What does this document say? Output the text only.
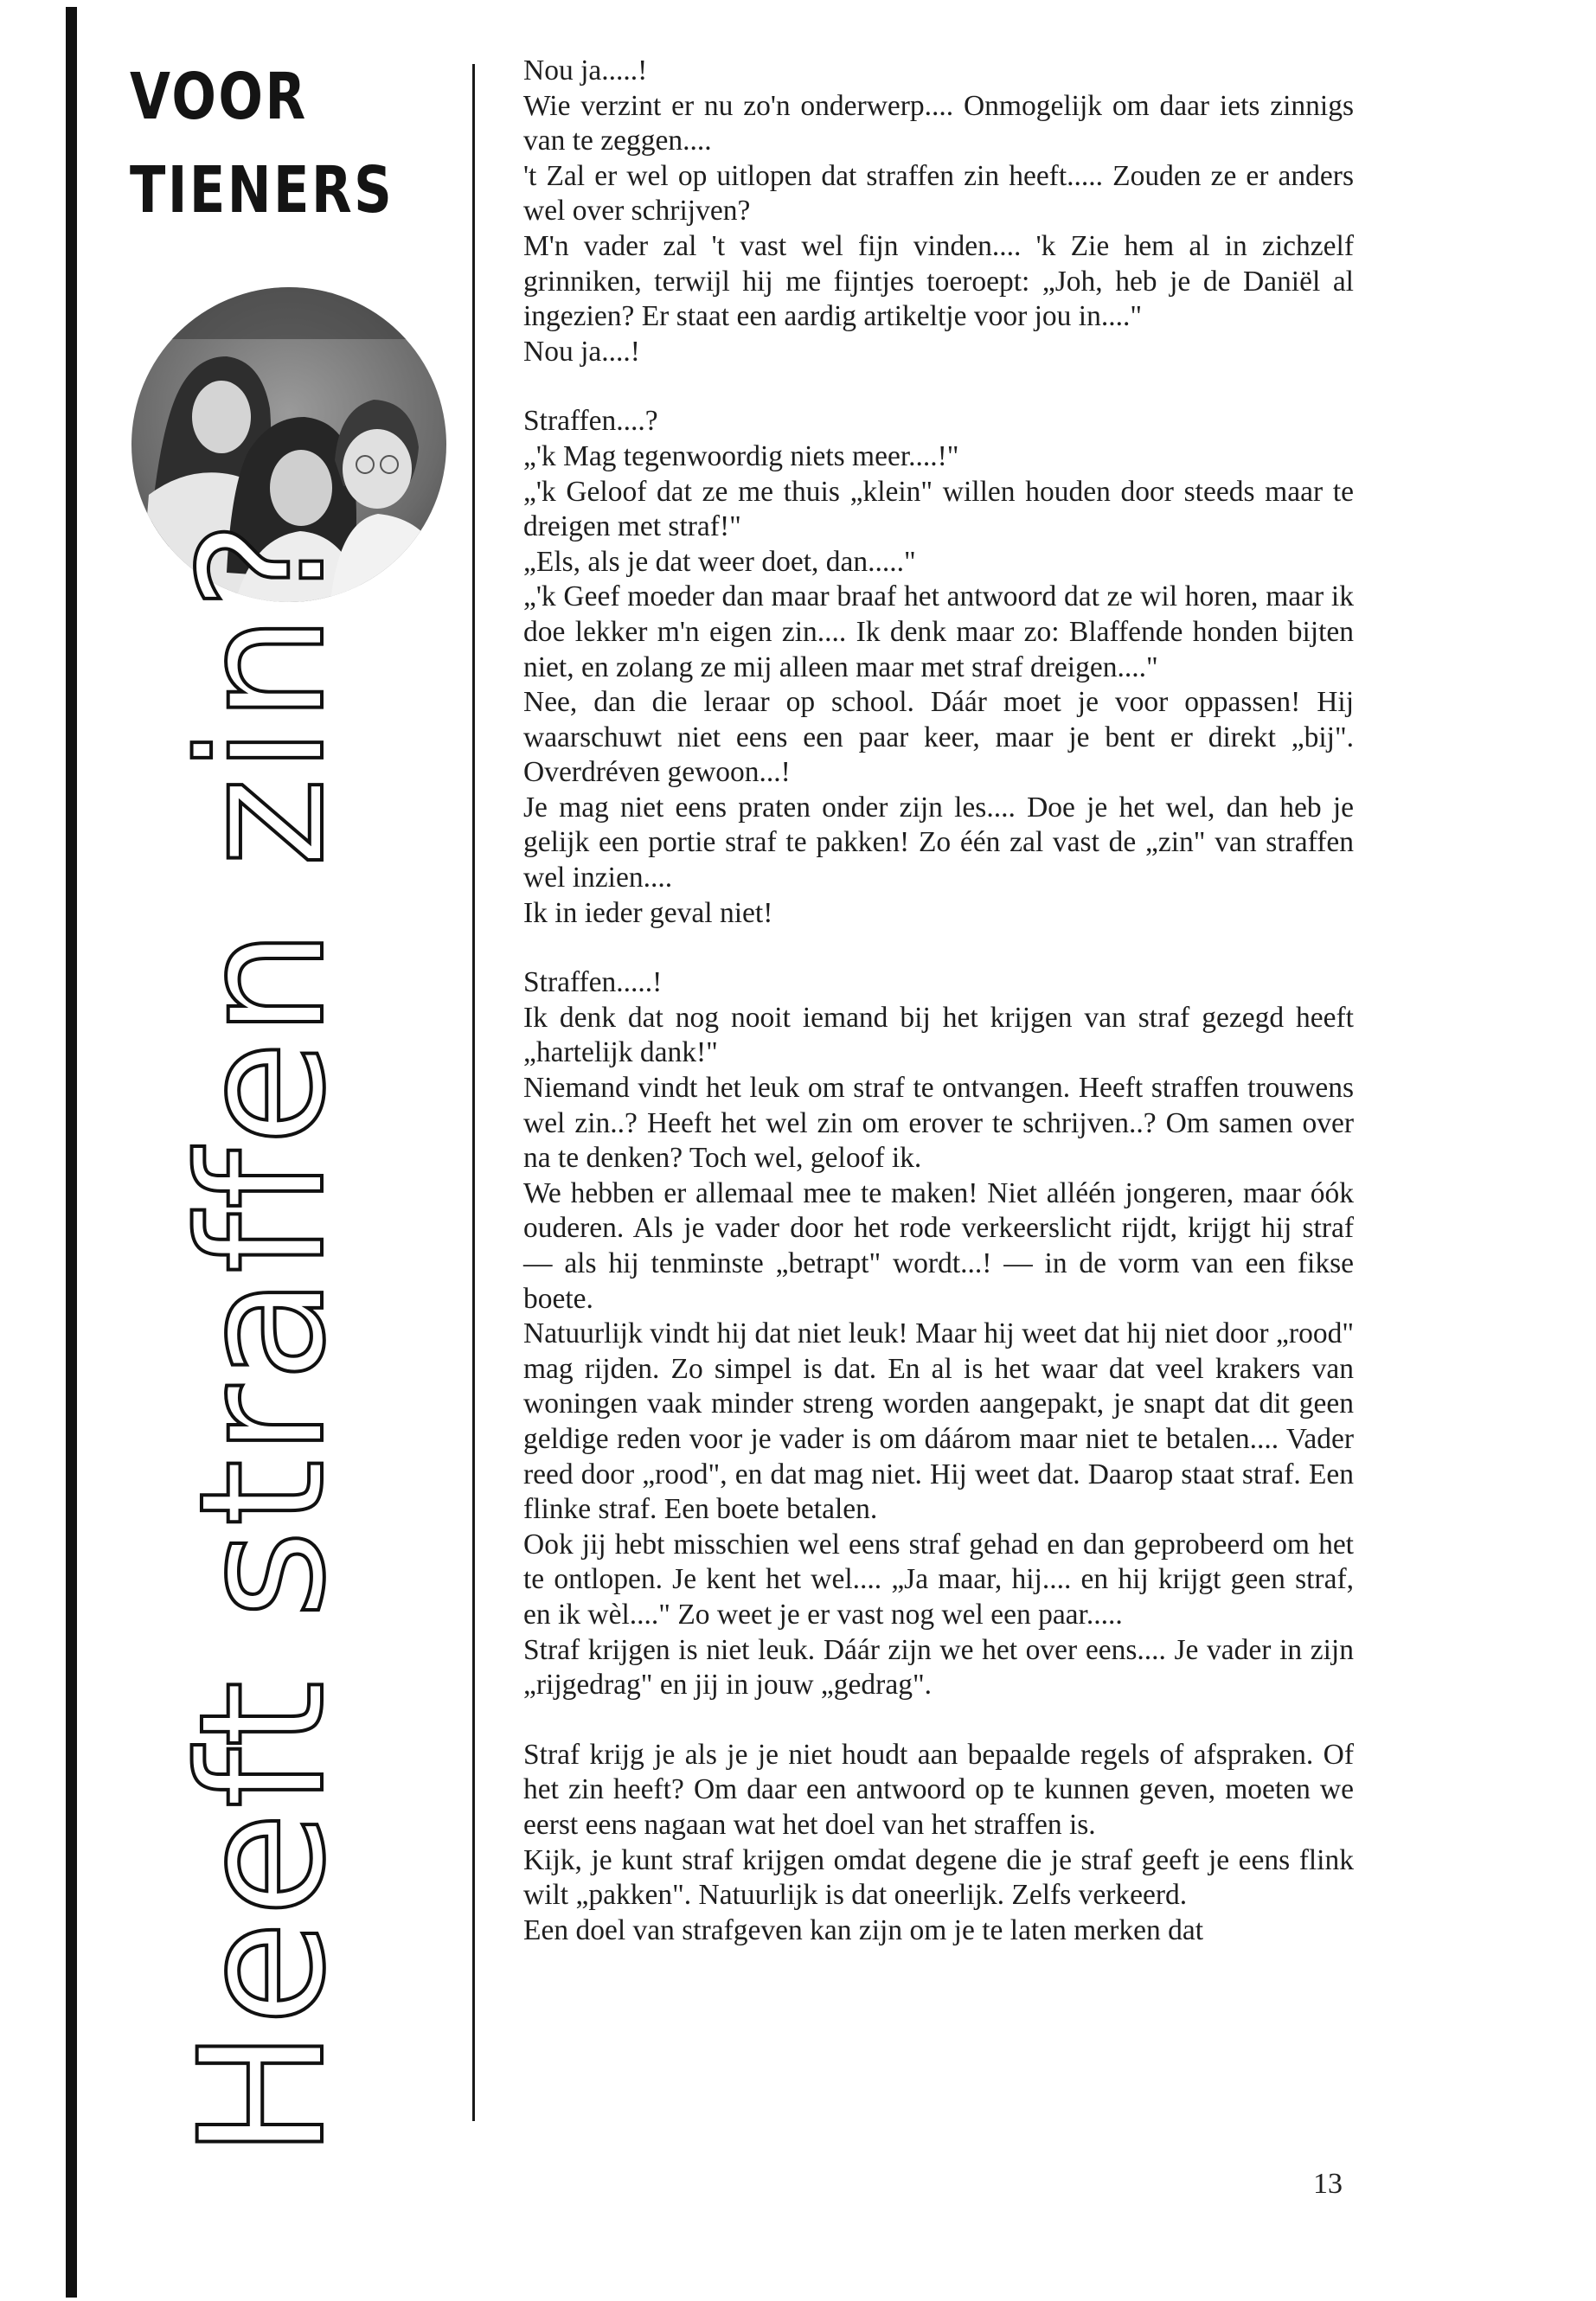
VOOR
TIENERS
Heeft straffen zin?

Nou ja.....!

Wie verzint er nu zo'n onderwerp.... Onmogelijk om daar iets zinnigs van te zeggen....

't Zal er wel op uitlopen dat straffen zin heeft..... Zouden ze er anders wel over schrijven?

M'n vader zal 't vast wel fijn vinden.... 'k Zie hem al in zichzelf grinniken, terwijl hij me fijntjes toeroept: „Joh, heb je de Daniël al ingezien? Er staat een aardig artikeltje voor jou in...."

Nou ja....!

Straffen....?

„'k Mag tegenwoordig niets meer....!"

„'k Geloof dat ze me thuis „klein" willen houden door steeds maar te dreigen met straf!"

„Els, als je dat weer doet, dan....."

„'k Geef moeder dan maar braaf het antwoord dat ze wil horen, maar ik doe lekker m'n eigen zin.... Ik denk maar zo: Blaffende honden bijten niet, en zolang ze mij alleen maar met straf dreigen...."

Nee, dan die leraar op school. Dáár moet je voor oppassen! Hij waarschuwt niet eens een paar keer, maar je bent er direkt „bij". Overdréven gewoon...!

Je mag niet eens praten onder zijn les.... Doe je het wel, dan heb je gelijk een portie straf te pakken! Zo één zal vast de „zin" van straffen wel inzien....

Ik in ieder geval niet!

Straffen.....!

Ik denk dat nog nooit iemand bij het krijgen van straf gezegd heeft „hartelijk dank!"

Niemand vindt het leuk om straf te ontvangen. Heeft straffen trouwens wel zin..? Heeft het wel zin om erover te schrijven..? Om samen over na te denken? Toch wel, geloof ik.

We hebben er allemaal mee te maken! Niet alléén jongeren, maar óók ouderen. Als je vader door het rode verkeerslicht rijdt, krijgt hij straf — als hij tenminste „betrapt" wordt...! — in de vorm van een fikse boete.

Natuurlijk vindt hij dat niet leuk! Maar hij weet dat hij niet door „rood" mag rijden. Zo simpel is dat. En al is het waar dat veel krakers van woningen vaak minder streng worden aangepakt, je snapt dat dit geen geldige reden voor je vader is om dáárom maar niet te betalen.... Vader reed door „rood", en dat mag niet. Hij weet dat. Daarop staat straf. Een flinke straf. Een boete betalen.

Ook jij hebt misschien wel eens straf gehad en dan geprobeerd om het te ontlopen. Je kent het wel.... „Ja maar, hij.... en hij krijgt geen straf, en ik wèl...." Zo weet je er vast nog wel een paar.....

Straf krijgen is niet leuk. Dáár zijn we het over eens.... Je vader in zijn „rijgedrag" en jij in jouw „gedrag".

Straf krijg je als je je niet houdt aan bepaalde regels of afspraken. Of het zin heeft? Om daar een antwoord op te kunnen geven, moeten we eerst eens nagaan wat het doel van het straffen is.

Kijk, je kunt straf krijgen omdat degene die je straf geeft je eens flink wilt „pakken". Natuurlijk is dat oneerlijk. Zelfs verkeerd.

Een doel van strafgeven kan zijn om je te laten merken dat

13
